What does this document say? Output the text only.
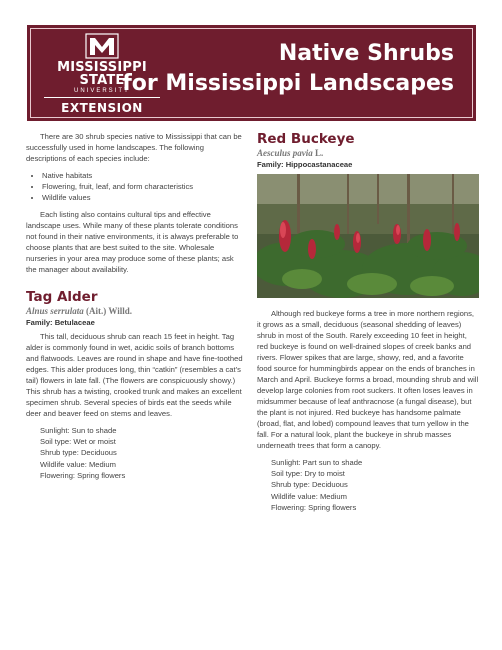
MISSISSIPPI STATE
UNIVERSITY
EXTENSION
Native Shrubs
for Mississippi Landscapes

There are 30 shrub species native to Mississippi that can be successfully used in home landscapes. The following descriptions of each species include:

• Native habitats
• Flowering, fruit, leaf, and form characteristics
• Wildlife values

Each listing also contains cultural tips and effective landscape uses. While many of these plants tolerate conditions not found in their native environments, it is always preferable to choose plants that are best suited to the site. Wholesale nurseries in your area may produce some of these plants; ask the manager about availability.

Tag Alder
Alnus serrulata (Ait.) Willd.
Family: Betulaceae

This tall, deciduous shrub can reach 15 feet in height. Tag alder is commonly found in wet, acidic soils of branch bottoms and flatwoods. Leaves are round in shape and have fine-toothed edges. This alder produces long, thin “catkin” (resembles a cat’s tail) flowers in late fall. (The flowers are conspicuously showy.) This shrub has a twisting, crooked trunk and makes an excellent specimen shrub. Several species of birds eat the seeds while deer and beaver feed on stems and leaves.

Sunlight: Sun to shade
Soil type: Wet or moist
Shrub type: Deciduous
Wildlife value: Medium
Flowering: Spring flowers
Red Buckeye
Aesculus pavia L.
Family: Hippocastanaceae

Although red buckeye forms a tree in more northern regions, it grows as a small, deciduous (seasonal shedding of leaves) shrub in most of the South. Rarely exceeding 10 feet in height, red buckeye is found on well-drained slopes of creek banks and rivers. Flower spikes that are large, showy, red, and a favorite food source for hummingbirds appear on the ends of branches in March and April. Buckeye forms a broad, mounding shrub and will develop large colonies from root suckers. It often loses leaves in midsummer because of leaf anthracnose (a fungal disease), but the plant is not injured. Red buckeye has handsome palmate (broad, flat, and lobed) compound leaves that turn yellow in the fall. For a natural look, plant the buckeye in shrub masses underneath trees that form a canopy.

Sunlight: Part sun to shade
Soil type: Dry to moist
Shrub type: Deciduous
Wildlife value: Medium
Flowering: Spring flowers
